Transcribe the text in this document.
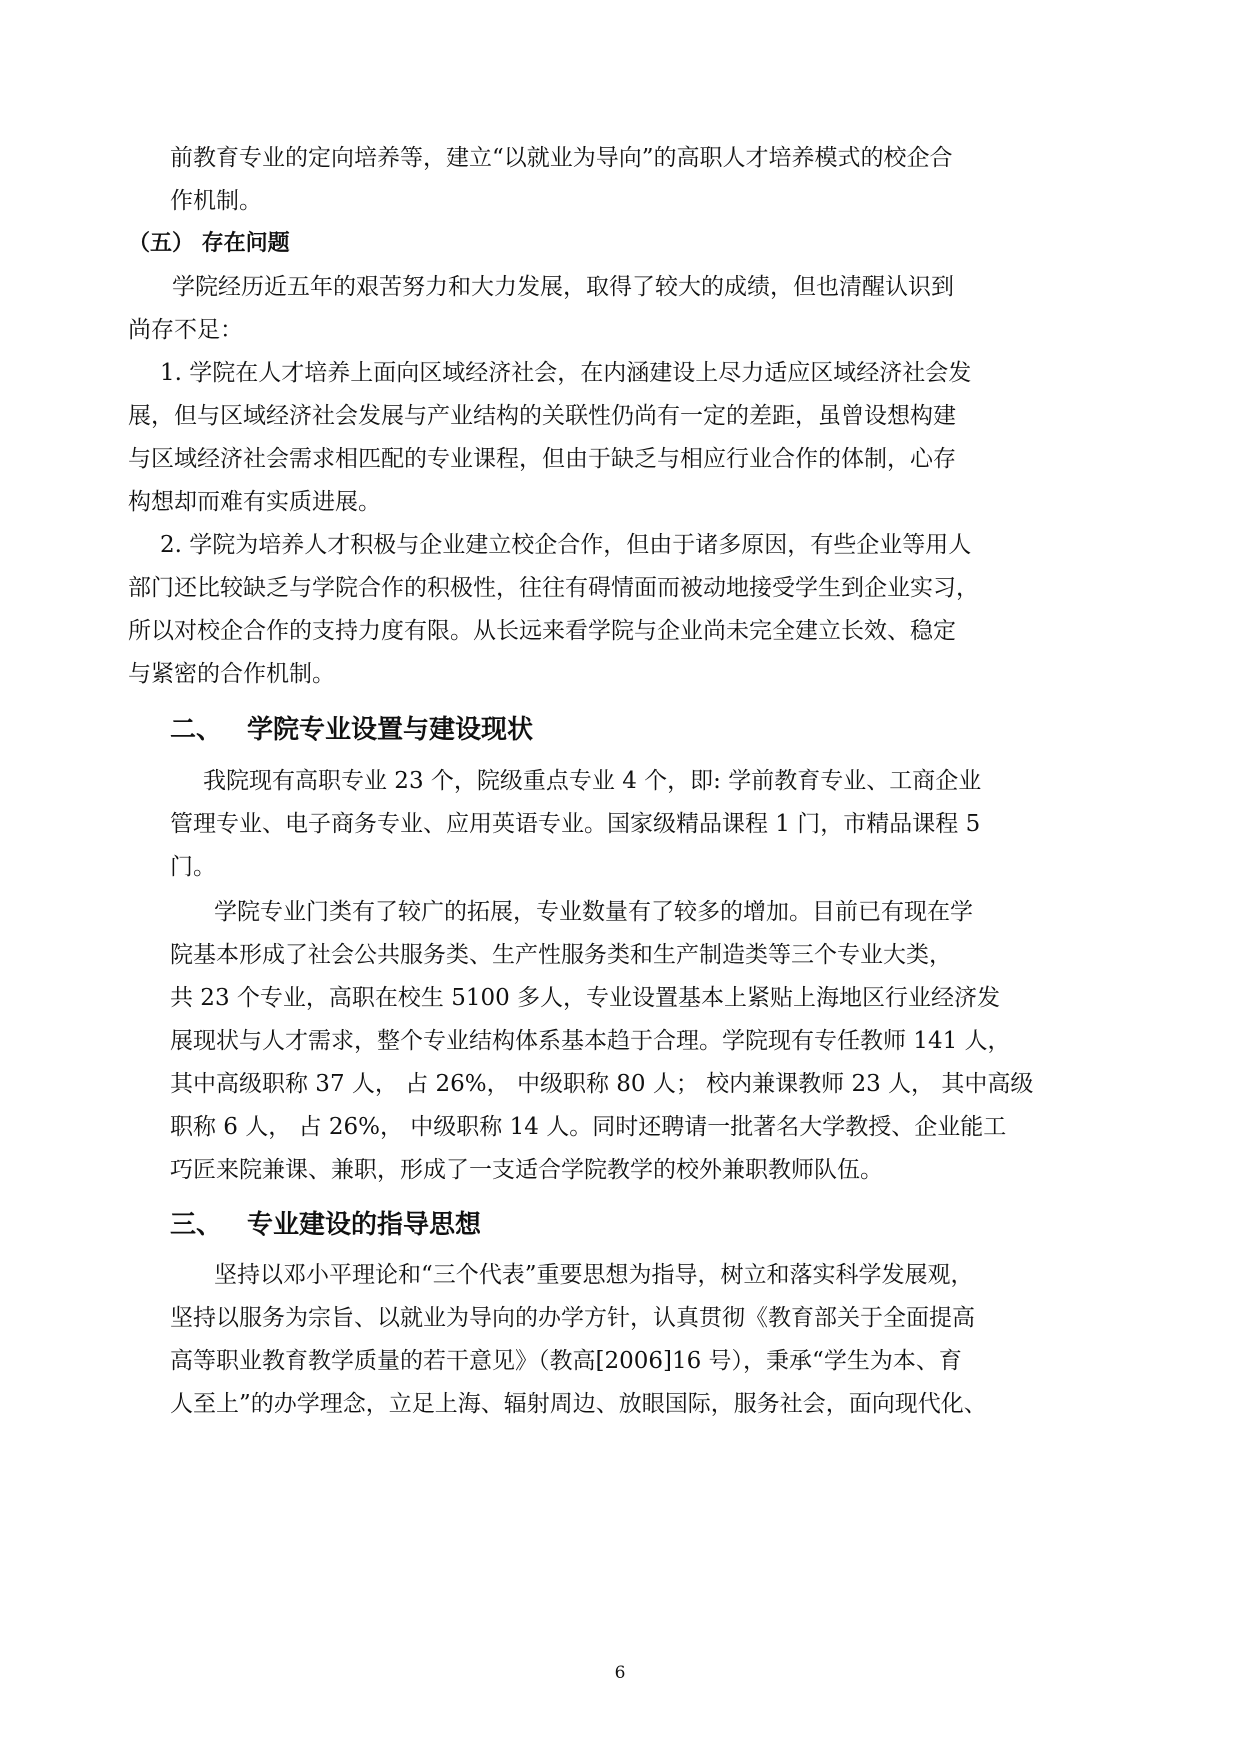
前教育专业的定向培养等，建立“以就业为导向”的高职人才培养模式的校企合
作机制。
（五） 存在问题
学院经历近五年的艰苦努力和大力发展，取得了较大的成绩，但也清醒认识到
尚存不足：
1. 学院在人才培养上面向区域经济社会，在内涵建设上尽力适应区域经济社会发
展，但与区域经济社会发展与产业结构的关联性仍尚有一定的差距，虽曾设想构建
与区域经济社会需求相匹配的专业课程，但由于缺乏与相应行业合作的体制，心存
构想却而难有实质进展。
2. 学院为培养人才积极与企业建立校企合作，但由于诸多原因，有些企业等用人
部门还比较缺乏与学院合作的积极性，往往有碍情面而被动地接受学生到企业实习，
所以对校企合作的支持力度有限。从长远来看学院与企业尚未完全建立长效、稳定
与紧密的合作机制。
二、 学院专业设置与建设现状
我院现有高职专业 23 个，院级重点专业 4 个，即: 学前教育专业、工商企业
管理专业、电子商务专业、应用英语专业。国家级精品课程 1 门，市精品课程 5
门。
学院专业门类有了较广的拓展，专业数量有了较多的增加。目前已有现在学
院基本形成了社会公共服务类、生产性服务类和生产制造类等三个专业大类，
共 23 个专业，高职在校生 5100 多人，专业设置基本上紧贴上海地区行业经济发
展现状与人才需求，整个专业结构体系基本趋于合理。学院现有专任教师 141 人，
其中高级职称 37 人， 占 26%， 中级职称 80 人； 校内兼课教师 23 人， 其中高级
职称 6 人， 占 26%， 中级职称 14 人。同时还聘请一批著名大学教授、企业能工
巧匠来院兼课、兼职，形成了一支适合学院教学的校外兼职教师队伍。
三、 专业建设的指导思想
坚持以邓小平理论和“三个代表”重要思想为指导，树立和落实科学发展观，
坚持以服务为宗旨、以就业为导向的办学方针，认真贯彻《教育部关于全面提高
高等职业教育教学质量的若干意见》（教高[2006]16 号），秉承“学生为本、育
人至上”的办学理念，立足上海、辐射周边、放眼国际，服务社会，面向现代化、
6
